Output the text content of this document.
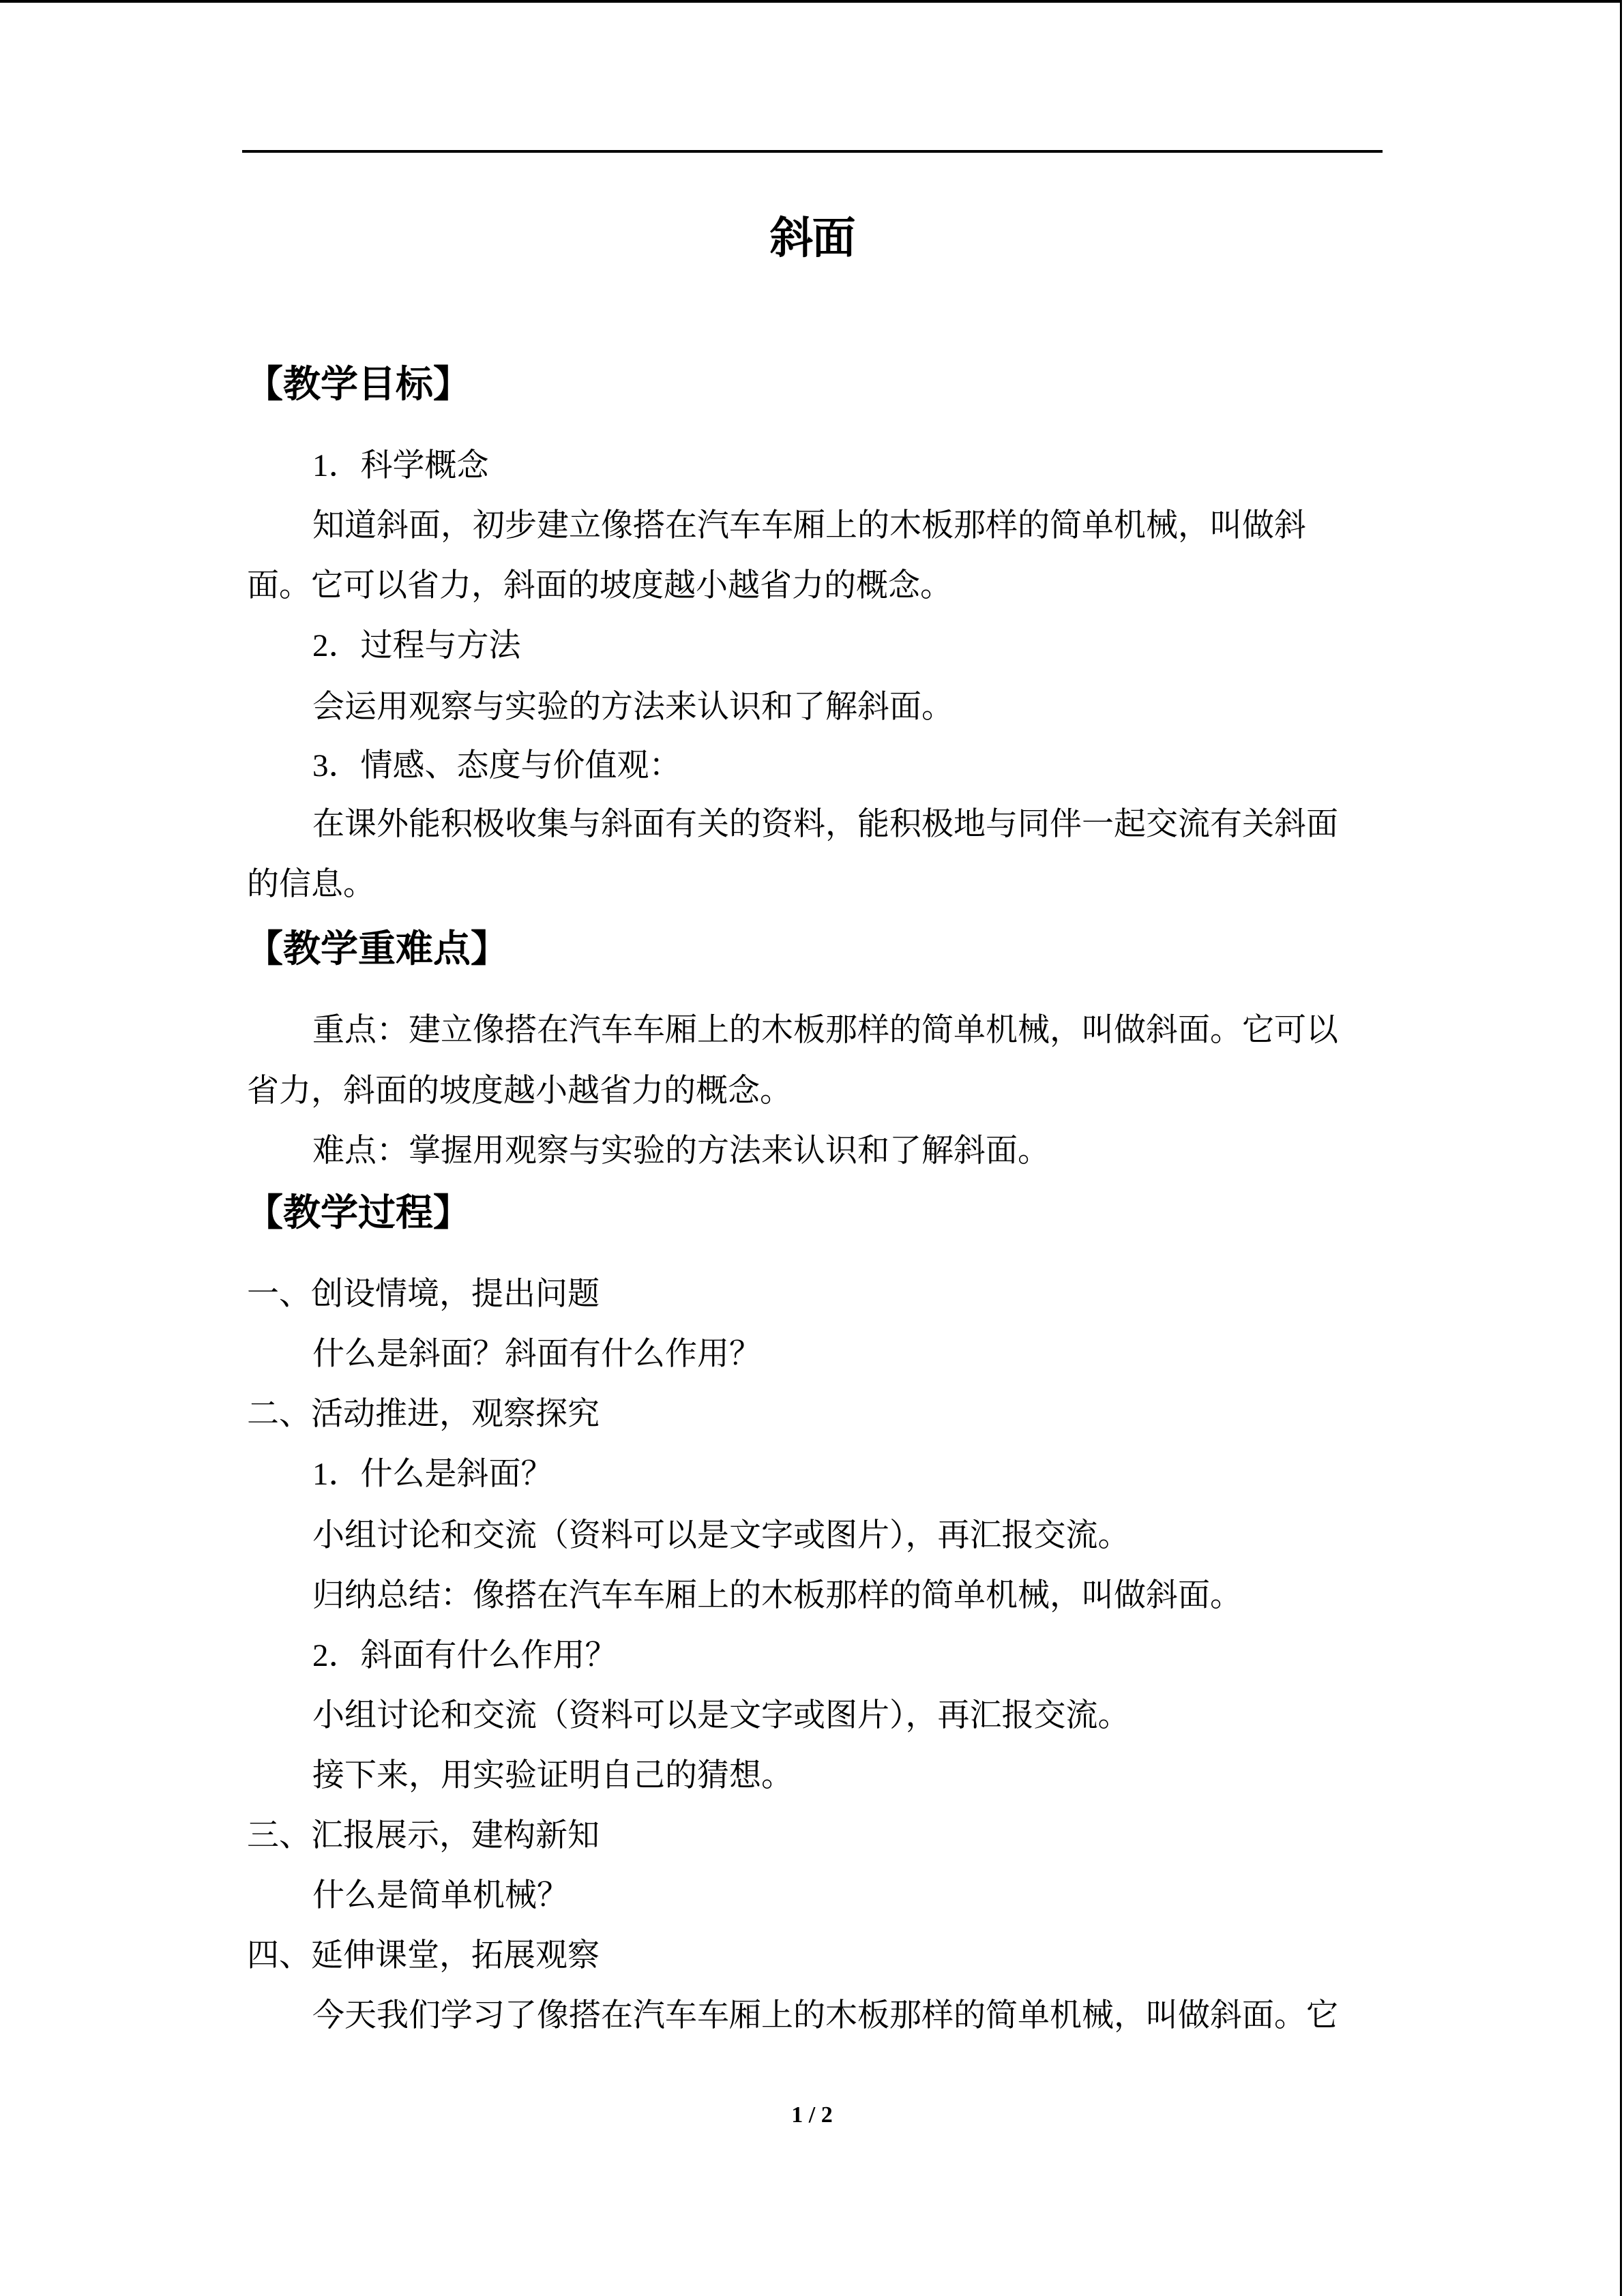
斜面
【教学目标】
1．科学概念
知道斜面，初步建立像搭在汽车车厢上的木板那样的简单机械，叫做斜
面。它可以省力，斜面的坡度越小越省力的概念。
2．过程与方法
会运用观察与实验的方法来认识和了解斜面。
3．情感、态度与价值观：
在课外能积极收集与斜面有关的资料，能积极地与同伴一起交流有关斜面
的信息。
【教学重难点】
重点：建立像搭在汽车车厢上的木板那样的简单机械，叫做斜面。它可以
省力，斜面的坡度越小越省力的概念。
难点：掌握用观察与实验的方法来认识和了解斜面。
【教学过程】
一、创设情境，提出问题
什么是斜面？斜面有什么作用？
二、活动推进，观察探究
1．什么是斜面？
小组讨论和交流（资料可以是文字或图片），再汇报交流。
归纳总结：像搭在汽车车厢上的木板那样的简单机械，叫做斜面。
2．斜面有什么作用？
小组讨论和交流（资料可以是文字或图片），再汇报交流。
接下来，用实验证明自己的猜想。
三、汇报展示，建构新知
什么是简单机械？
四、延伸课堂，拓展观察
今天我们学习了像搭在汽车车厢上的木板那样的简单机械，叫做斜面。它
1 / 2
